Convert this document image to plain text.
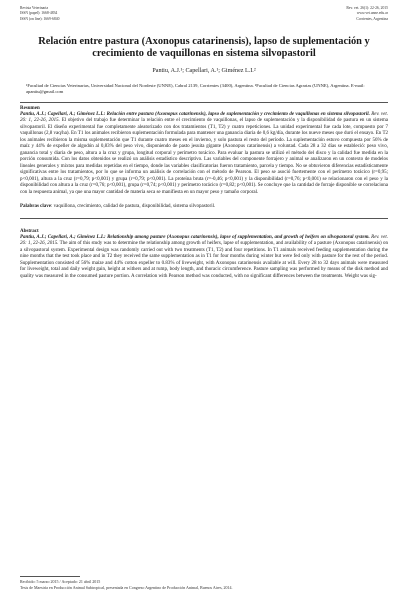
Revista Veterinaria
ISSN (papel): 1668-4834
ISSN (on line): 1669-6840
Rev. vet. 26(1): 22-26, 2015
www.vet.unne.edu.ar
Corrientes, Argentina
Relación entre pastura (Axonopus catarinensis), lapso de suplementación y crecimiento de vaquillonas en sistema silvopastoril
Pantiu, A.J.¹; Capellari, A.¹; Giménez L.I.²
¹Facultad de Ciencias Veterinarias, Universidad Nacional del Nordeste (UNNE), Cabral 2139, Corrientes (3400), Argentina. ²Facultad de Ciencias Agrarias (UNNE), Argentina. E-mail: apantiu@gmail.com
Resumen
Pantiu, A.J.; Capellari, A.; Giménez L.I.: Relación entre pastura (Axonopus catarinensis), lapso de suplementación y crecimiento de vaquillonas en sistema silvopastoril. Rev. vet. 26: 1, 22-26, 2015. El objetivo del trabajo fue determinar la relación entre el crecimiento de vaquillonas, el lapso de suplementación y la disponibilidad de pastura en un sistema silvopastoril. El diseño experimental fue completamente aleatorizado con dos tratamientos (T1, T2) y cuatro repeticiones. La unidad experimental fue cada lote, compuesto por 7 vaquillonas (2,8 vaq/ha). En T1 los animales recibieron suplementación formulada para mantener una ganancia diaria de 0,6 kg/día, durante los nueve meses que duró el ensayo. En T2 los animales recibieron la misma suplementación que T1 durante cuatro meses en el invierno, y solo pastura el resto del período. La suplementación estuvo compuesta por 56% de maíz y 44% de expeller de algodón al 0,83% del peso vivo, disponiendo de pasto jesuita gigante (Axonopus catarinensis) a voluntad. Cada 28 a 32 días se estableció: peso vivo, ganancia total y diaria de peso, altura a la cruz y grupa, longitud corporal y perímetro torácico. Para evaluar la pastura se utilizó el método del disco y la calidad fue medida en la porción consumida. Con los datos obtenidos se realizó un análisis estadístico descriptivo. Las variables del componente forrajero y animal se analizaron en un contexto de modelos lineales generales y mixtos para medidas repetidas en el tiempo, donde las variables clasificatorias fueron tratamiento, parcela y tiempo. No se obtuvieron diferencias estadísticamente significativas entre los tratamientos, por lo que se informa un análisis de correlación con el método de Pearson. El peso se asoció fuertemente con el perímetro torácico (r=0,95; p<0,001), altura a la cruz (r=0,79; p<0,001) y grupa (r=0,79; p<0,001). La proteína bruta (r=-0,46; p<0,001) y la disponibilidad (r=0,76; p<0,001) se relacionaron con el peso y la disponibilidad con altura a la cruz (r=0,76; p<0,001), grupa (r=0,74; p<0,001) y perímetro torácico (r=0,82; p<0,001). Se concluye que la cantidad de forraje disponible se correlaciona con la respuesta animal, ya que una mayor cantidad de materia seca se manifiesta en un mayor peso y tamaño corporal.
Palabras clave: vaquillona, crecimiento, calidad de pastura, disponibilidad, sistema silvopastoril.
Abstract
Pantiu, A.J.; Capellari, A.; Giménez L.I.: Relationship among pasture (Axonopus catarinensis), lapse of supplementation, and growth of heifers on silvopastoral system. Rev. vet. 26: 1, 22-26, 2015. The aim of this study was to determine the relationship among growth of heifers, lapse of supplementation, and availability of a pasture (Axonopus catarinensis) on a silvopastoral system. Experimental design was randomly carried out with two treatments (T1, T2) and four repetitions. In T1 animals received feeding supplementation during the nine months that the test took place and in T2 they received the same supplementation as in T1 for four months during winter but were fed only with pasture for the rest of the period. Supplementation consisted of 56% maize and 44% cotton expeller to 0.83% of liveweight, with Axonopus catarinensis available at will. Every 28 to 32 days animals were measured for liveweight, total and daily weight gain, height at withers and at rump, body length, and thoracic circumference. Pasture sampling was performed by means of the disk method and quality was measured in the consumed pasture portion. A correlation with Pearson method was conducted, with no significant differences between the treatments. Weight was sig-
Recibido: 5 marzo 2015 / Aceptado: 21 abril 2015
Tesis de Maestría en Producción Animal Subtropical, presentada en Congreso Argentino de Producción Animal, Buenos Aires, 2014.
